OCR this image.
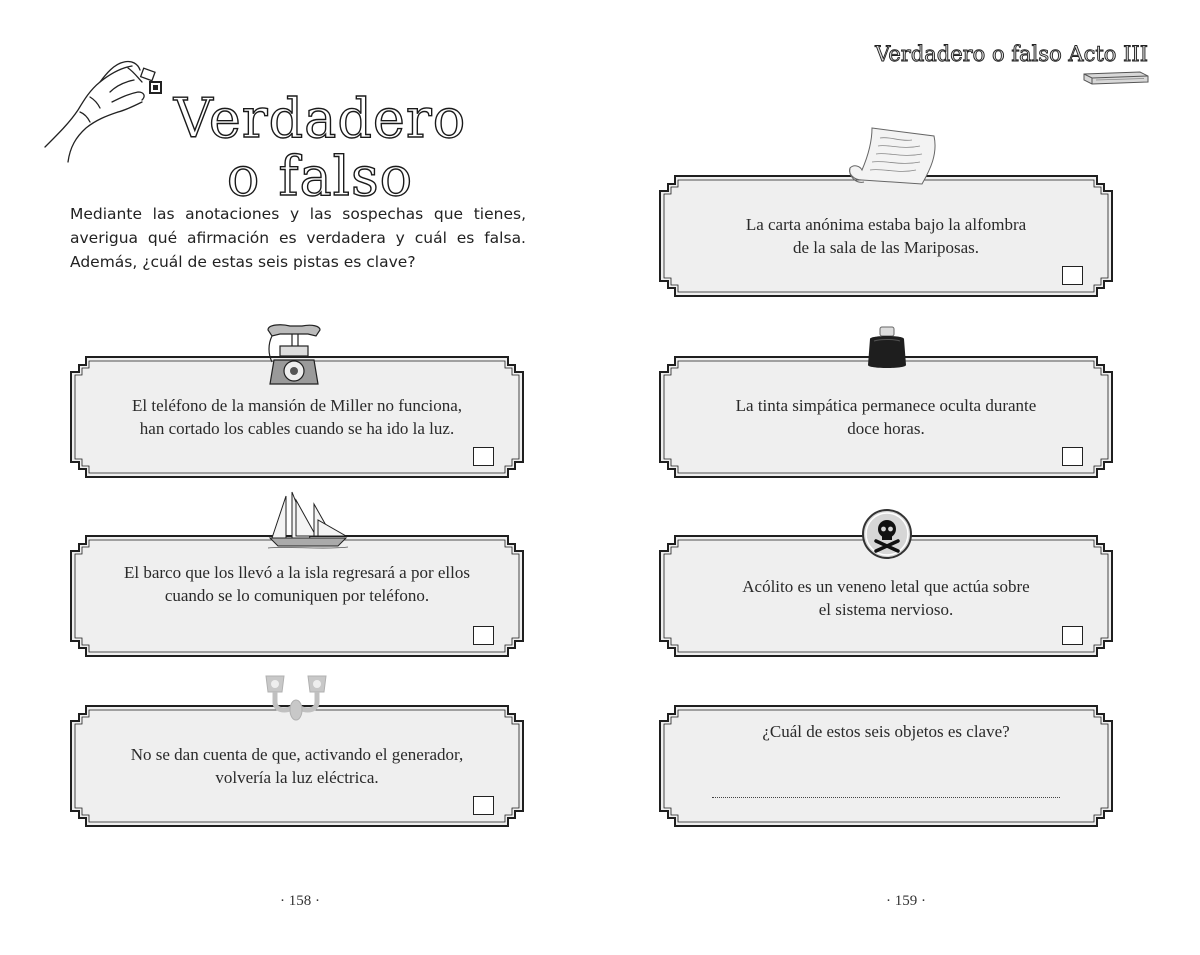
Verdadero
o falso
Mediante las anotaciones y las sospechas que tienes, averigua qué afirmación es verdadera y cuál es falsa. Además, ¿cuál de estas seis pistas es clave?
Verdadero o falso Acto III
El teléfono de la mansión de Miller no funciona,
han cortado los cables cuando se ha ido la luz.
El barco que los llevó a la isla regresará a por ellos
cuando se lo comuniquen por teléfono.
No se dan cuenta de que, activando el generador,
volvería la luz eléctrica.
La carta anónima estaba bajo la alfombra
de la sala de las Mariposas.
La tinta simpática permanece oculta durante
doce horas.
Acólito es un veneno letal que actúa sobre
el sistema nervioso.
¿Cuál de estos seis objetos es clave?
· 158 ·	· 159 ·
